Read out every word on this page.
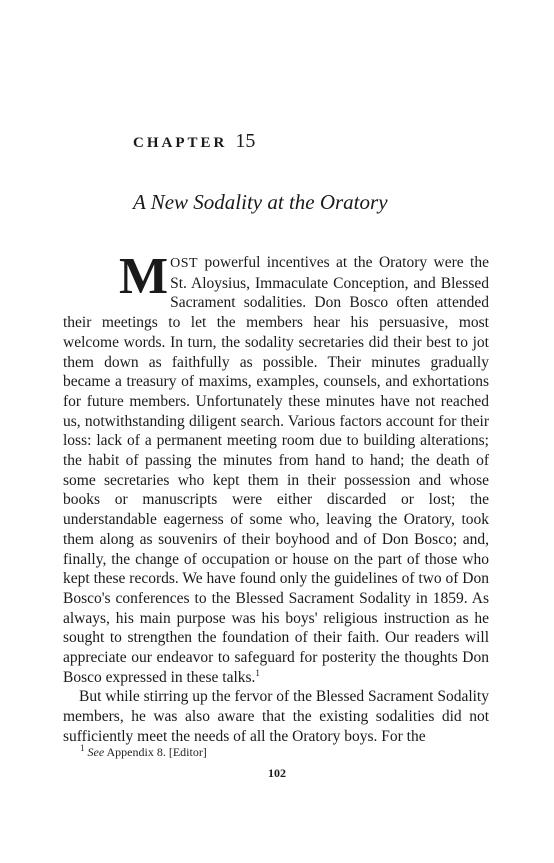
CHAPTER 15
A New Sodality at the Oratory

MOST powerful incentives at the Oratory were the St. Aloysius, Immaculate Conception, and Blessed Sacrament sodalities. Don Bosco often attended their meetings to let the members hear his persuasive, most welcome words. In turn, the sodality secretaries did their best to jot them down as faithfully as possible. Their minutes gradually became a treasury of maxims, examples, counsels, and exhortations for future members. Unfortunately these minutes have not reached us, notwithstanding diligent search. Various factors account for their loss: lack of a permanent meeting room due to building alterations; the habit of passing the minutes from hand to hand; the death of some secretaries who kept them in their possession and whose books or manuscripts were either discarded or lost; the understandable eagerness of some who, leaving the Oratory, took them along as souvenirs of their boyhood and of Don Bosco; and, finally, the change of occupation or house on the part of those who kept these records. We have found only the guidelines of two of Don Bosco's conferences to the Blessed Sacrament Sodality in 1859. As always, his main purpose was his boys' religious instruction as he sought to strengthen the foundation of their faith. Our readers will appreciate our endeavor to safeguard for posterity the thoughts Don Bosco expressed in these talks.$^1$

But while stirring up the fervor of the Blessed Sacrament Sodality members, he was also aware that the existing sodalities did not sufficiently meet the needs of all the Oratory boys. For the

$^1$ See Appendix 8. [Editor]
102
